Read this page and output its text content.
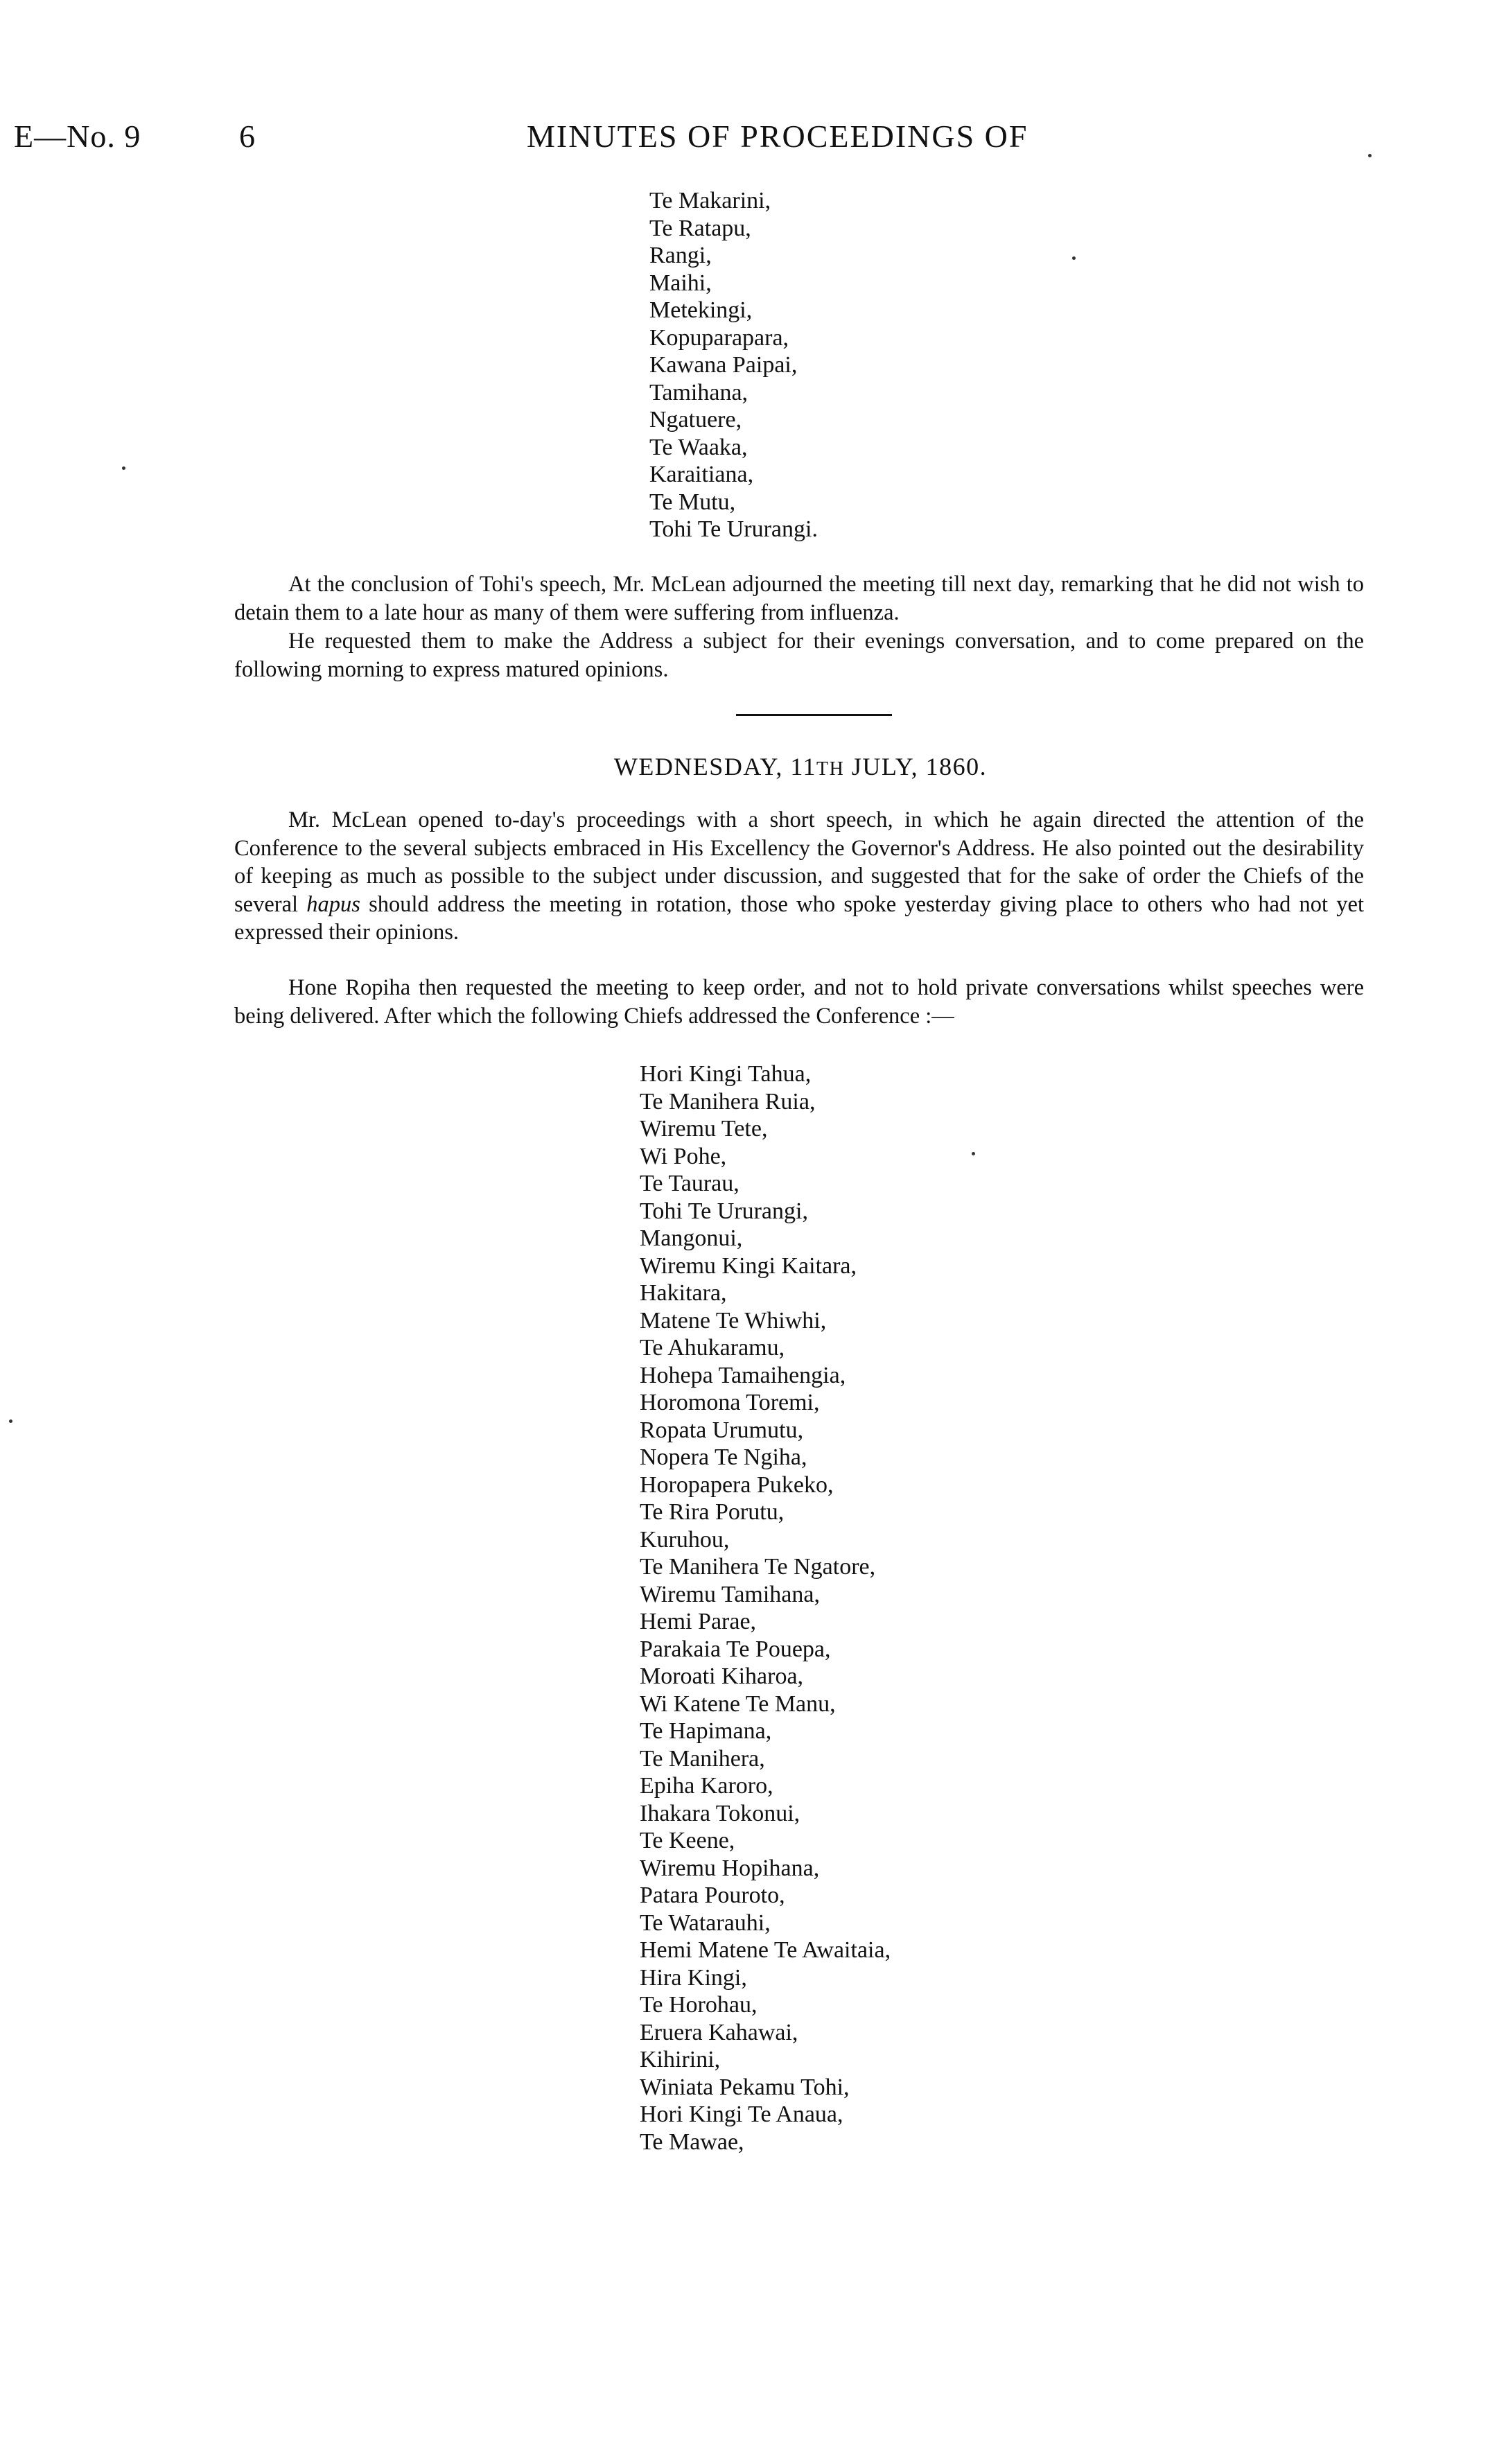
E—No. 9	6	MINUTES OF PROCEEDINGS OF
Te Makarini,
Te Ratapu,
Rangi,
Maihi,
Metekingi,
Kopuparapara,
Kawana Paipai,
Tamihana,
Ngatuere,
Te Waaka,
Karaitiana,
Te Mutu,
Tohi Te Ururangi.

At the conclusion of Tohi's speech, Mr. McLean adjourned the meeting till next day, remarking that he did not wish to detain them to a late hour as many of them were suffering from influenza.

He requested them to make the Address a subject for their evenings conversation, and to come prepared on the following morning to express matured opinions.

WEDNESDAY, 11TH JULY, 1860.

Mr. McLean opened to-day's proceedings with a short speech, in which he again directed the attention of the Conference to the several subjects embraced in His Excellency the Governor's Address. He also pointed out the desirability of keeping as much as possible to the subject under discussion, and suggested that for the sake of order the Chiefs of the several hapus should address the meeting in rotation, those who spoke yesterday giving place to others who had not yet expressed their opinions.

Hone Ropiha then requested the meeting to keep order, and not to hold private conversations whilst speeches were being delivered. After which the following Chiefs addressed the Conference :—

Hori Kingi Tahua,
Te Manihera Ruia,
Wiremu Tete,
Wi Pohe,
Te Taurau,
Tohi Te Ururangi,
Mangonui,
Wiremu Kingi Kaitara,
Hakitara,
Matene Te Whiwhi,
Te Ahukaramu,
Hohepa Tamaihengia,
Horomona Toremi,
Ropata Urumutu,
Nopera Te Ngiha,
Horopapera Pukeko,
Te Rira Porutu,
Kuruhou,
Te Manihera Te Ngatore,
Wiremu Tamihana,
Hemi Parae,
Parakaia Te Pouepa,
Moroati Kiharoa,
Wi Katene Te Manu,
Te Hapimana,
Te Manihera,
Epiha Karoro,
Ihakara Tokonui,
Te Keene,
Wiremu Hopihana,
Patara Pouroto,
Te Watarauhi,
Hemi Matene Te Awaitaia,
Hira Kingi,
Te Horohau,
Eruera Kahawai,
Kihirini,
Winiata Pekamu Tohi,
Hori Kingi Te Anaua,
Te Mawae,
